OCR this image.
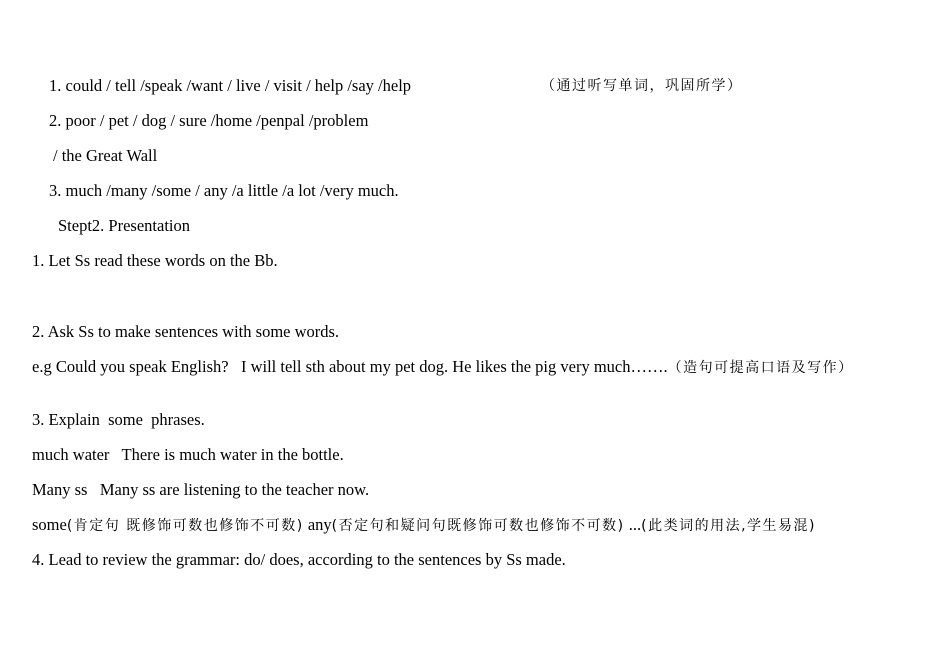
1. could / tell /speak /want / live / visit / help /say /help	（通过听写单词，巩固所学）
2. poor / pet / dog / sure /home /penpal /problem
/ the Great Wall
3. much /many /some / any /a little /a lot /very much.
Stept2. Presentation
1. Let Ss read these words on the Bb.
2. Ask Ss to make sentences with some words.
e.g Could you speak English?   I will tell sth about my pet dog. He likes the pig very much…….（造句可提高口语及写作）
3. Explain  some  phrases.
much water   There is much water in the bottle.
Many ss   Many ss are listening to the teacher now.
some(肯定句 既修饰可数也修饰不可数) any(否定句和疑问句既修饰可数也修饰不可数) ...(此类词的用法,学生易混)
4. Lead to review the grammar: do/ does, according to the sentences by Ss made.
